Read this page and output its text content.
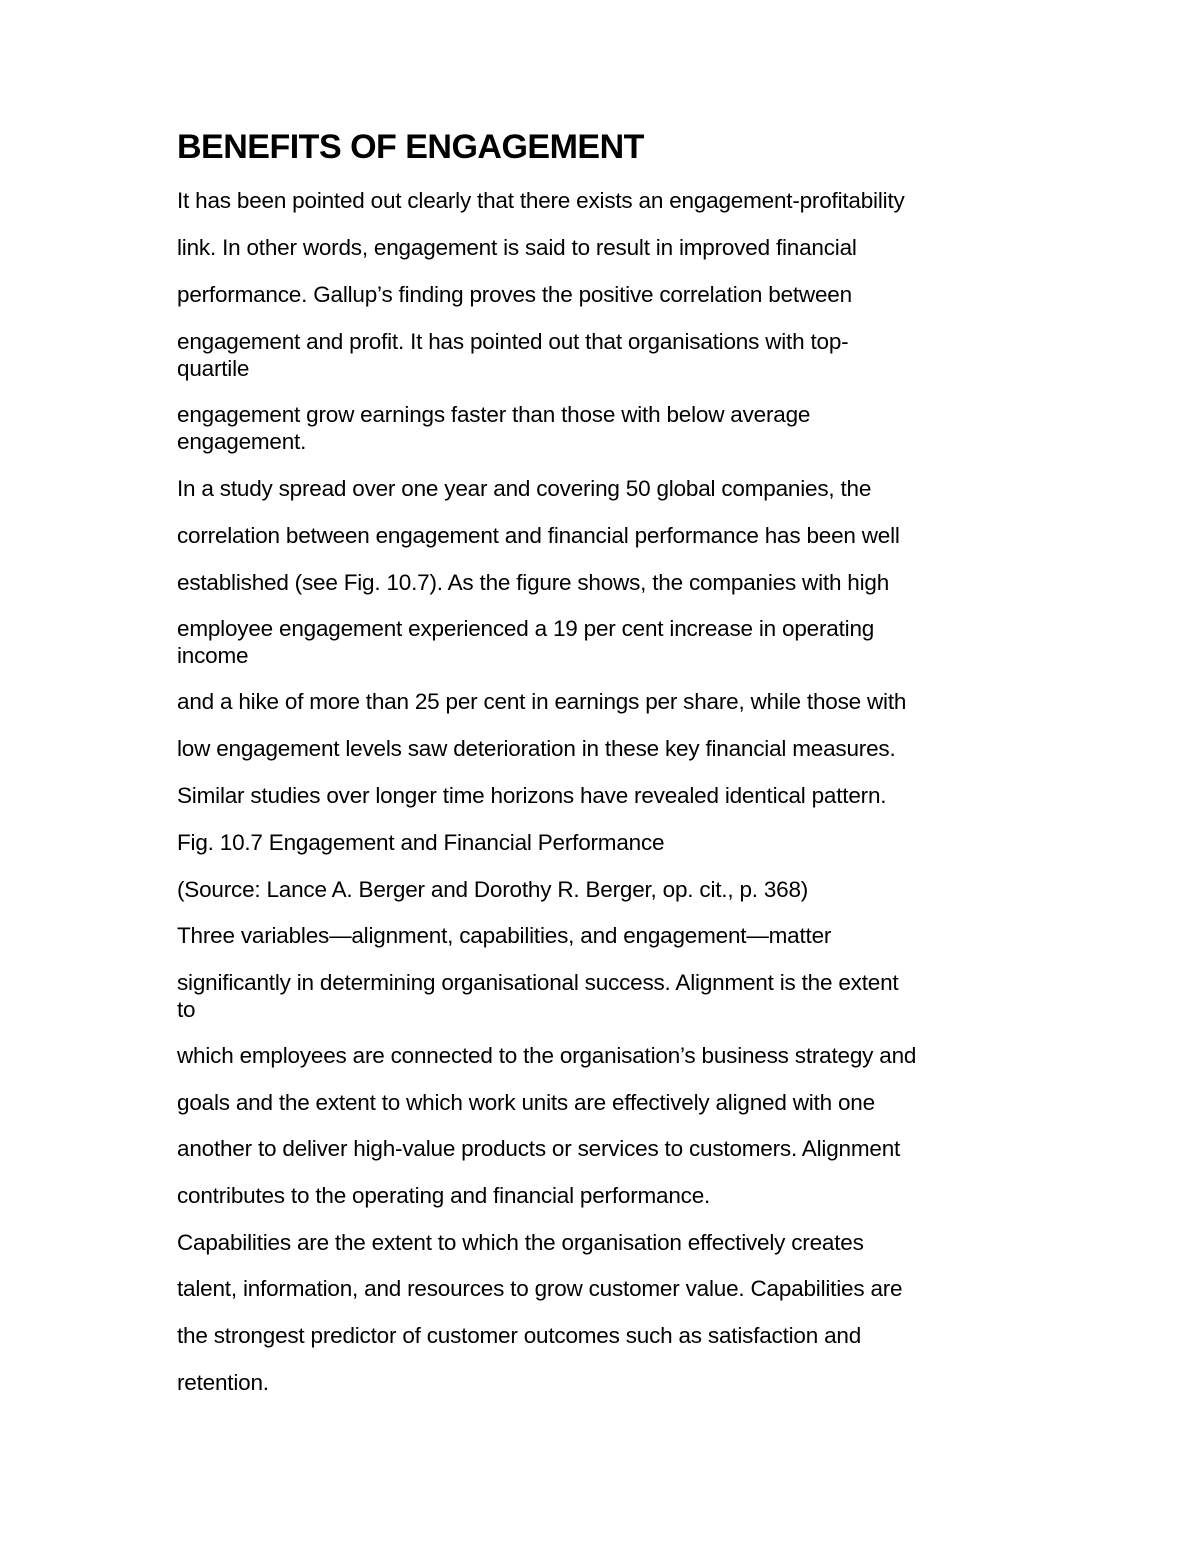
BENEFITS OF ENGAGEMENT

It has been pointed out clearly that there exists an engagement-profitability

link. In other words, engagement is said to result in improved financial

performance. Gallup’s finding proves the positive correlation between

engagement and profit. It has pointed out that organisations with top-

quartile

engagement grow earnings faster than those with below average

engagement.

In a study spread over one year and covering 50 global companies, the

correlation between engagement and financial performance has been well

established (see Fig. 10.7). As the figure shows, the companies with high

employee engagement experienced a 19 per cent increase in operating

income

and a hike of more than 25 per cent in earnings per share, while those with

low engagement levels saw deterioration in these key financial measures.

Similar studies over longer time horizons have revealed identical pattern.

Fig. 10.7 Engagement and Financial Performance

(Source: Lance A. Berger and Dorothy R. Berger, op. cit., p. 368)

Three variables—alignment, capabilities, and engagement—matter

significantly in determining organisational success. Alignment is the extent

to

which employees are connected to the organisation’s business strategy and

goals and the extent to which work units are effectively aligned with one

another to deliver high-value products or services to customers. Alignment

contributes to the operating and financial performance.

Capabilities are the extent to which the organisation effectively creates

talent, information, and resources to grow customer value. Capabilities are

the strongest predictor of customer outcomes such as satisfaction and

retention.
